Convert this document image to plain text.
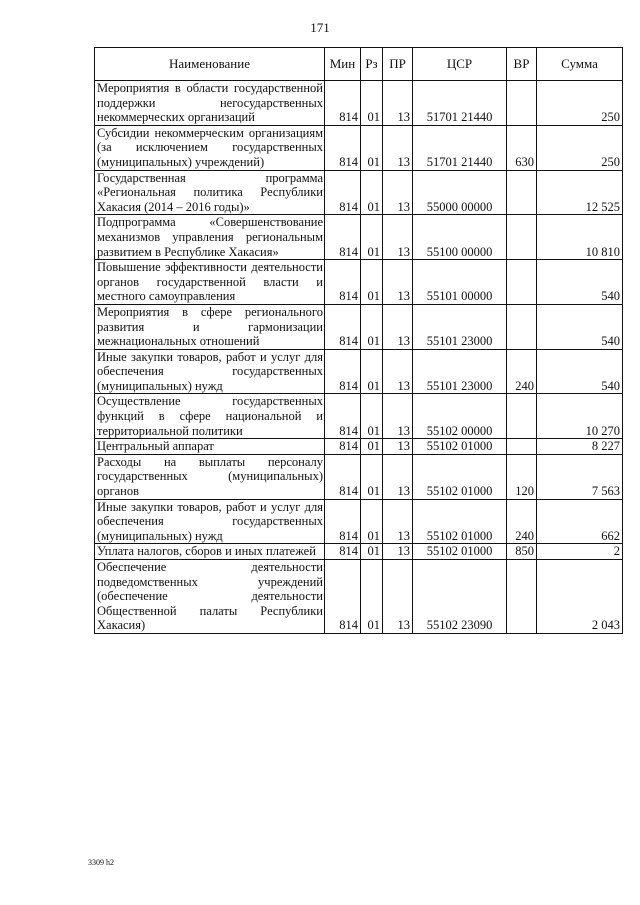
171
Наименование	Мин	Рз	ПР	ЦСР	ВР	Сумма
Мероприятия в области государственной поддержки негосударственных некоммерческих организаций	814	01	13	51701 21440		250
Субсидии некоммерческим организациям (за исключением государственных (муниципальных) учреждений)	814	01	13	51701 21440	630	250
Государственная программа «Региональная политика Республики Хакасия (2014 – 2016 годы)»	814	01	13	55000 00000		12 525
Подпрограмма «Совершенствование механизмов управления региональным развитием в Республике Хакасия»	814	01	13	55100 00000		10 810
Повышение эффективности деятельности органов государственной власти и местного самоуправления	814	01	13	55101 00000		540
Мероприятия в сфере регионального развития и гармонизации межнациональных отношений	814	01	13	55101 23000		540
Иные закупки товаров, работ и услуг для обеспечения государственных (муниципальных) нужд	814	01	13	55101 23000	240	540
Осуществление государственных функций в сфере национальной и территориальной политики	814	01	13	55102 00000		10 270
Центральный аппарат	814	01	13	55102 01000		8 227
Расходы на выплаты персоналу государственных (муниципальных) органов	814	01	13	55102 01000	120	7 563
Иные закупки товаров, работ и услуг для обеспечения государственных (муниципальных) нужд	814	01	13	55102 01000	240	662
Уплата налогов, сборов и иных платежей	814	01	13	55102 01000	850	2
Обеспечение деятельности подведомственных учреждений (обеспечение деятельности Общественной палаты Республики Хакасия)	814	01	13	55102 23090		2 043
3309 h2
